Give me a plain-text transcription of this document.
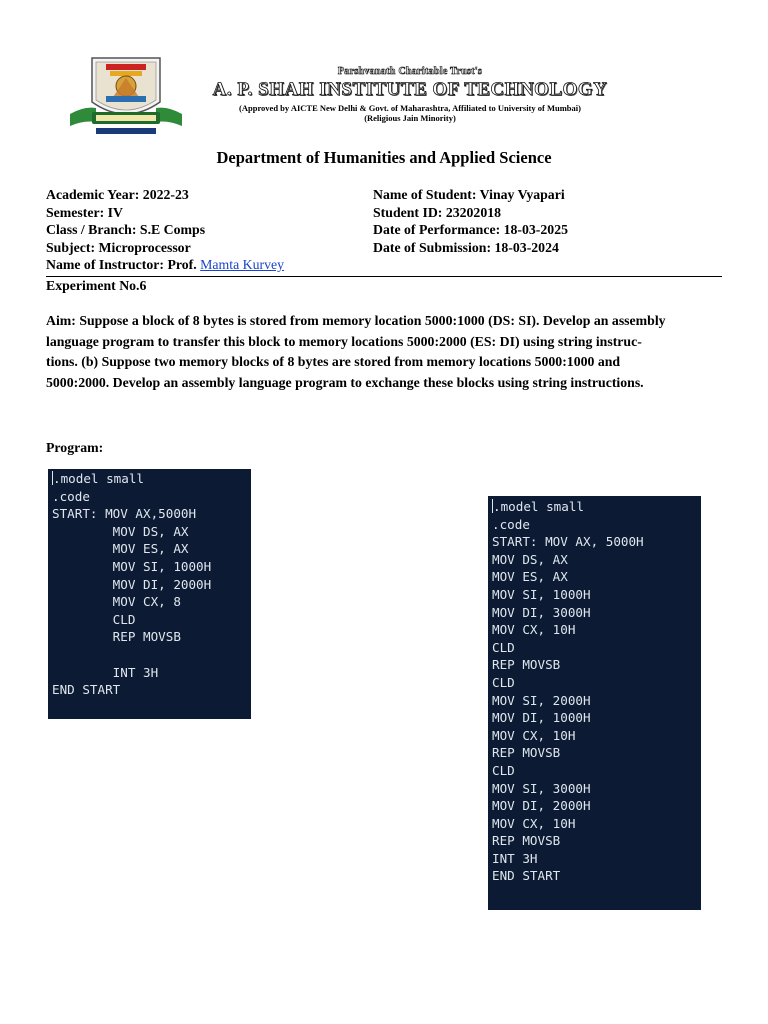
Parshvanath Charitable Trust's
A. P. SHAH INSTITUTE OF TECHNOLOGY
(Approved by AICTE New Delhi & Govt. of Maharashtra, Affiliated to University of Mumbai)
(Religious Jain Minority)
Department of Humanities and Applied Science
Academic Year: 2022-23
Semester: IV
Class / Branch: S.E Comps
Subject: Microprocessor
Name of Instructor: Prof. Mamta Kurvey
Name of Student: Vinay Vyapari
Student ID: 23202018
Date of Performance: 18-03-2025
Date of Submission: 18-03-2024
Experiment No.6
Aim: Suppose a block of 8 bytes is stored from memory location 5000:1000 (DS: SI). Develop an assembly
language program to transfer this block to memory locations 5000:2000 (ES: DI) using string instruc-
tions. (b) Suppose two memory blocks of 8 bytes are stored from memory locations 5000:1000 and
5000:2000. Develop an assembly language program to exchange these blocks using string instructions.
Program:
.model small
.code
START: MOV AX,5000H
MOV DS, AX
MOV ES, AX
MOV SI, 1000H
MOV DI, 2000H
MOV CX, 8
CLD
REP MOVSB
INT 3H
END START
.model small
.code
START: MOV AX, 5000H
MOV DS, AX
MOV ES, AX
MOV SI, 1000H
MOV DI, 3000H
MOV CX, 10H
CLD
REP MOVSB
CLD
MOV SI, 2000H
MOV DI, 1000H
MOV CX, 10H
REP MOVSB
CLD
MOV SI, 3000H
MOV DI, 2000H
MOV CX, 10H
REP MOVSB
INT 3H
END START
